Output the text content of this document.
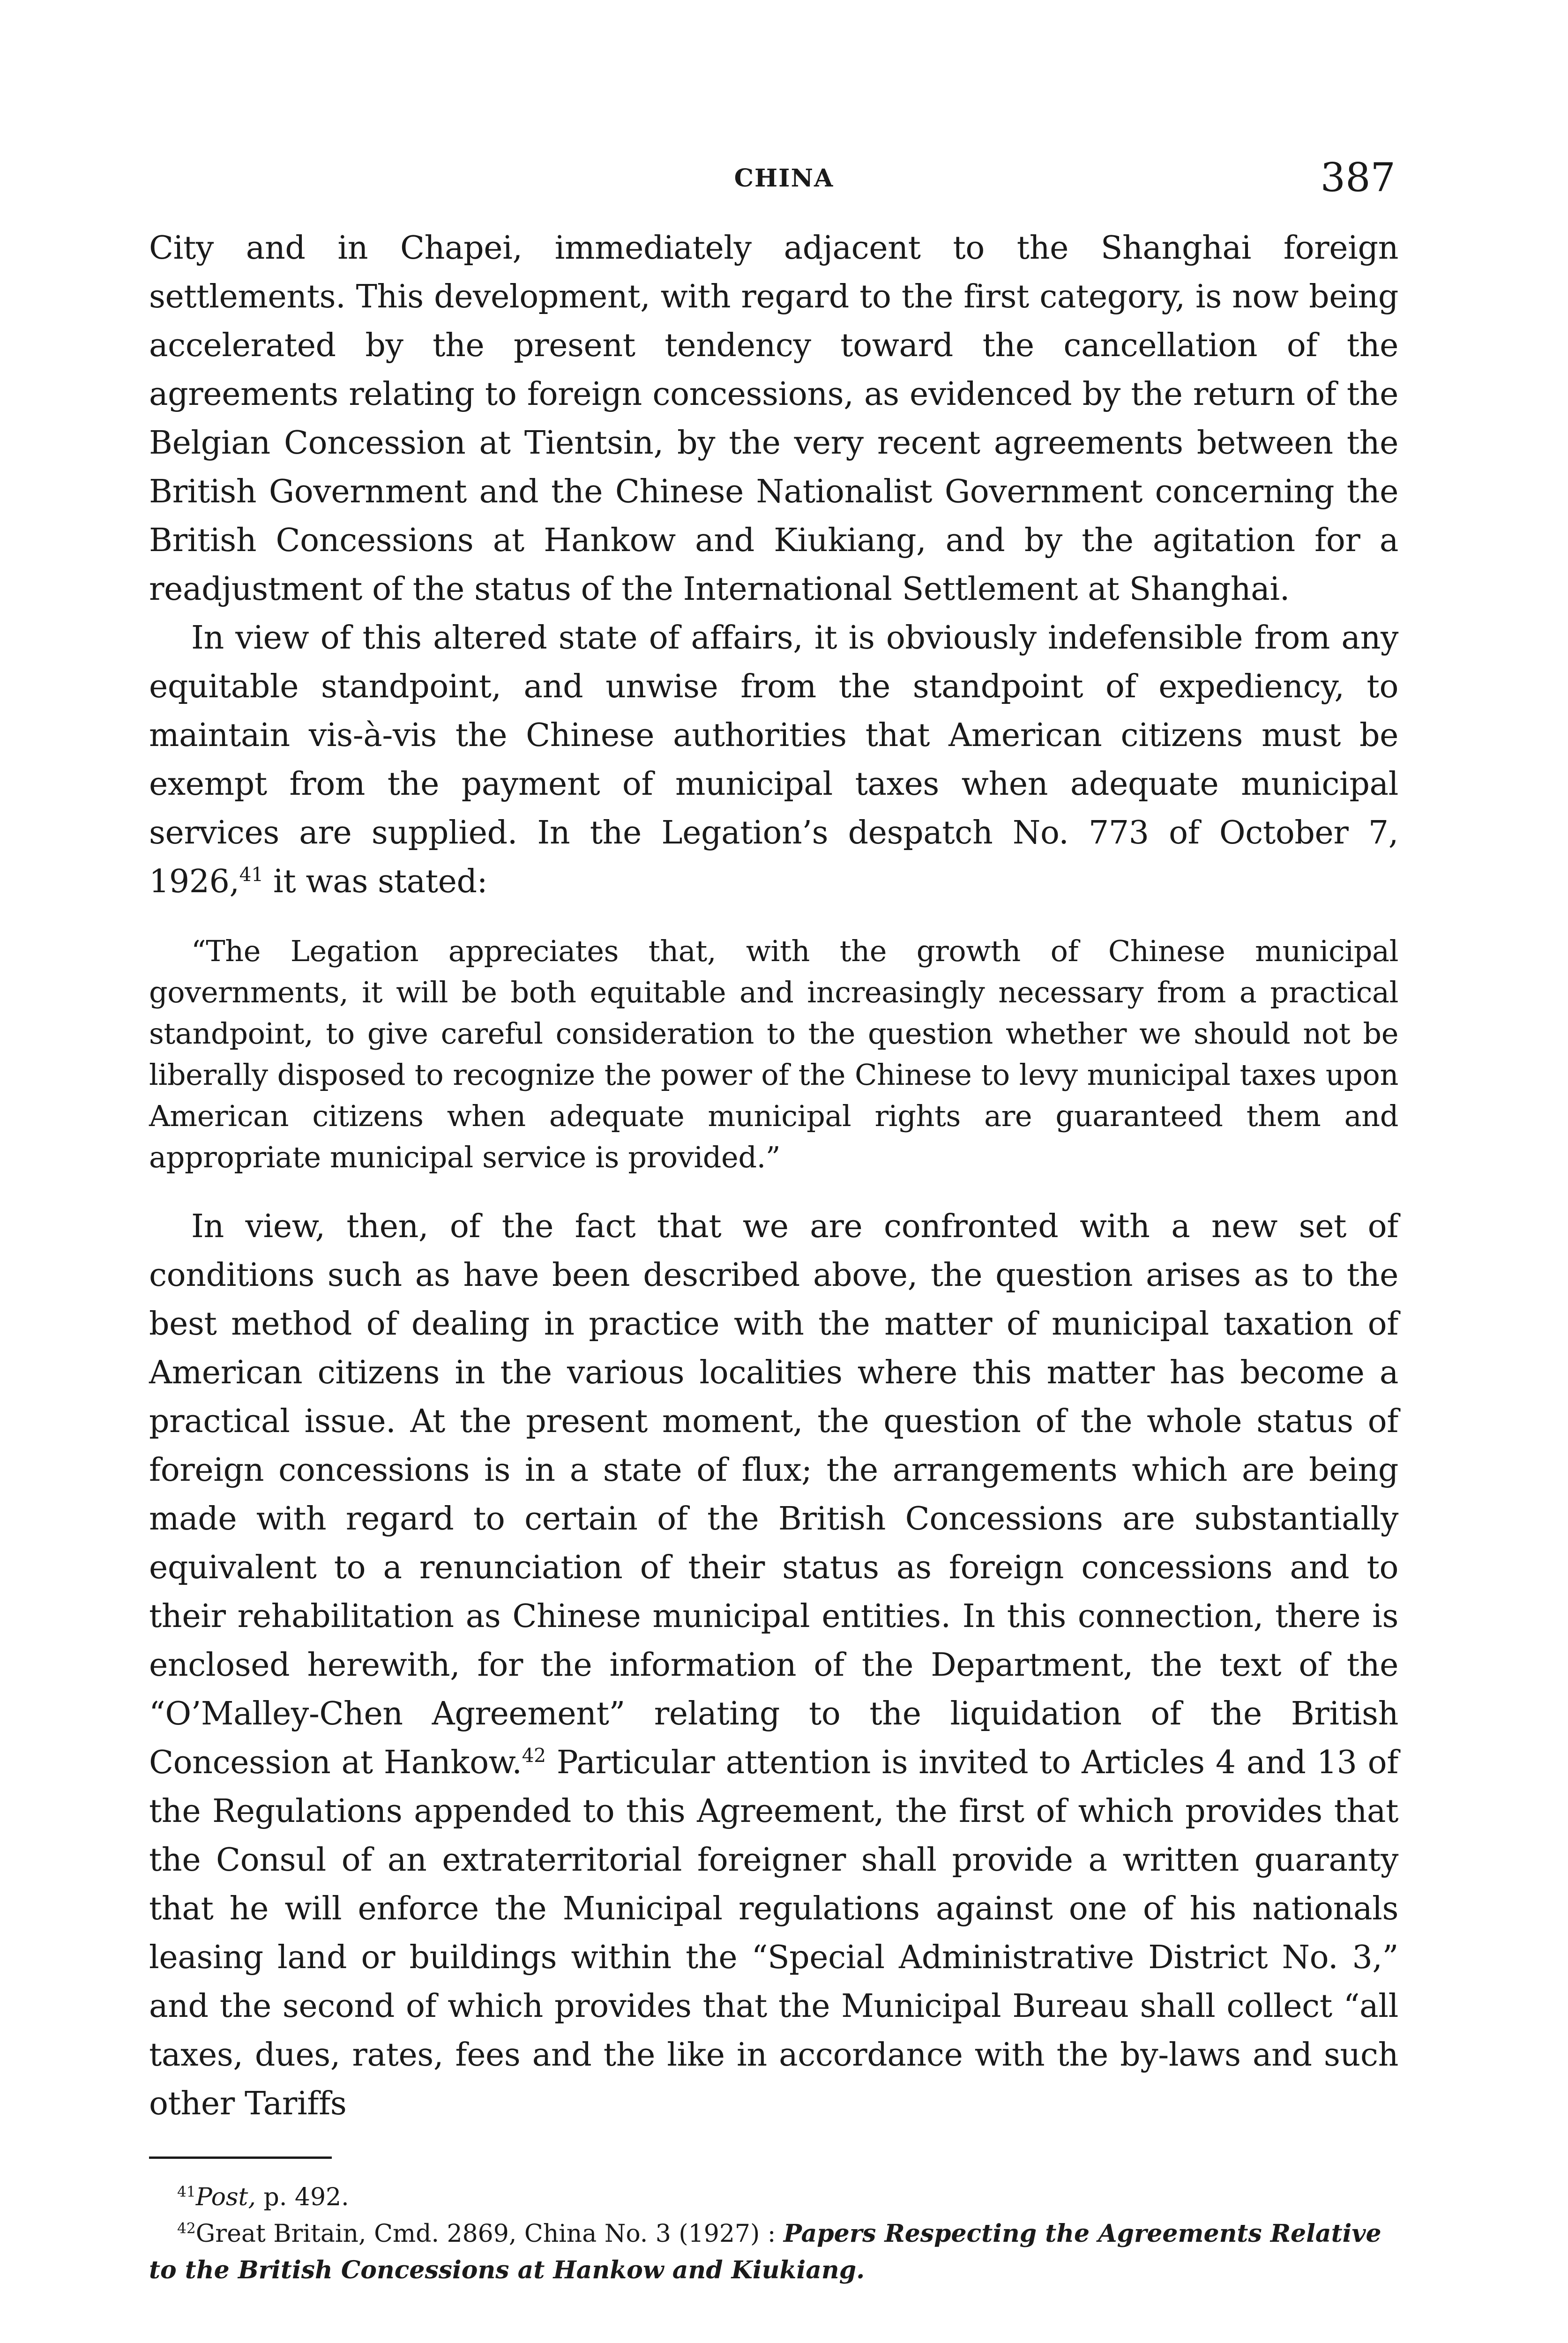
CHINA	387

City and in Chapei, immediately adjacent to the Shanghai foreign settlements. This development, with regard to the first category, is now being accelerated by the present tendency toward the cancellation of the agreements relating to foreign concessions, as evidenced by the return of the Belgian Concession at Tientsin, by the very recent agreements between the British Government and the Chinese Nationalist Government concerning the British Concessions at Hankow and Kiukiang, and by the agitation for a readjustment of the status of the International Settlement at Shanghai.

In view of this altered state of affairs, it is obviously indefensible from any equitable standpoint, and unwise from the standpoint of expediency, to maintain vis-à-vis the Chinese authorities that American citizens must be exempt from the payment of municipal taxes when adequate municipal services are supplied. In the Legation’s despatch No. 773 of October 7, 1926,41 it was stated:

“The Legation appreciates that, with the growth of Chinese municipal governments, it will be both equitable and increasingly necessary from a practical standpoint, to give careful consideration to the question whether we should not be liberally disposed to recognize the power of the Chinese to levy municipal taxes upon American citizens when adequate municipal rights are guaranteed them and appropriate municipal service is provided.”

In view, then, of the fact that we are confronted with a new set of conditions such as have been described above, the question arises as to the best method of dealing in practice with the matter of municipal taxation of American citizens in the various localities where this matter has become a practical issue. At the present moment, the question of the whole status of foreign concessions is in a state of flux; the arrangements which are being made with regard to certain of the British Concessions are substantially equivalent to a renunciation of their status as foreign concessions and to their rehabilitation as Chinese municipal entities. In this connection, there is enclosed herewith, for the information of the Department, the text of the “O’Malley-Chen Agreement” relating to the liquidation of the British Concession at Hankow.$^{42}$ Particular attention is invited to Articles 4 and 13 of the Regulations appended to this Agreement, the first of which provides that the Consul of an extraterritorial foreigner shall provide a written guaranty that he will enforce the Municipal regulations against one of his nationals leasing land or buildings within the “Special Administrative District No. 3,” and the second of which provides that the Municipal Bureau shall collect “all taxes, dues, rates, fees and the like in accordance with the by-laws and such other Tariffs

$^{41}$Post, p. 492.

$^{42}$Great Britain, Cmd. 2869, China No. 3 (1927) : Papers Respecting the Agreements Relative to the British Concessions at Hankow and Kiukiang.
